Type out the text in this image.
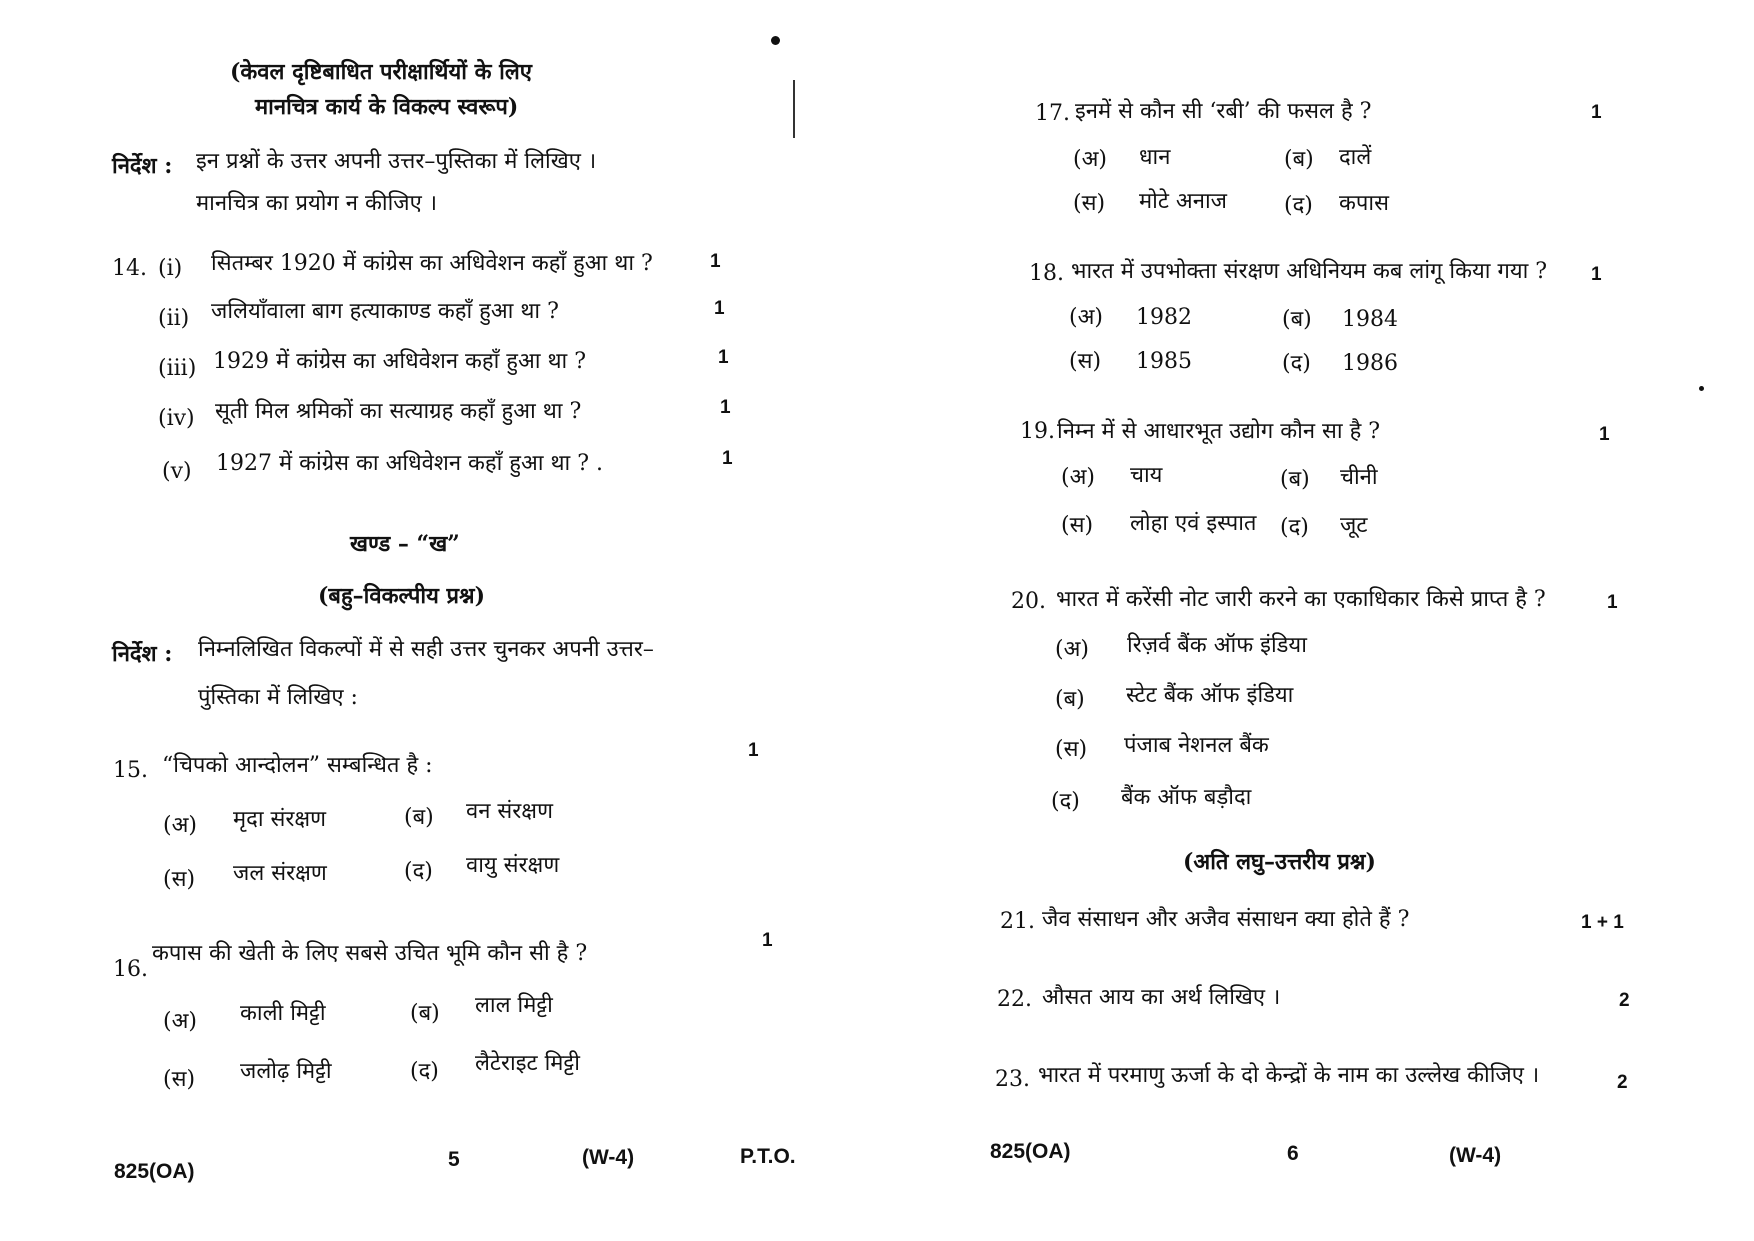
(केवल दृष्टिबाधित परीक्षार्थियों के लिए
मानचित्र कार्य के विकल्प स्वरूप)
निर्देश : इन प्रश्नों के उत्तर अपनी उत्तर–पुस्तिका में लिखिए ।
मानचित्र का प्रयोग न कीजिए ।
14. (i) सितम्बर 1920 में कांग्रेस का अधिवेशन कहाँ हुआ था ?	1
(ii) जलियाँवाला बाग हत्याकाण्ड कहाँ हुआ था ?	1
(iii) 1929 में कांग्रेस का अधिवेशन कहाँ हुआ था ?	1
(iv) सूती मिल श्रमिकों का सत्याग्रह कहाँ हुआ था ?	1
(v) 1927 में कांग्रेस का अधिवेशन कहाँ हुआ था ? .	1
खण्ड – “ख”
(बहु–विकल्पीय प्रश्न)
निर्देश : निम्नलिखित विकल्पों में से सही उत्तर चुनकर अपनी उत्तर–
पुंस्तिका में लिखिए :
15. “चिपको आन्दोलन” सम्बन्धित है :
1
(अ) मृदा संरक्षण	(ब) वन संरक्षण
(स) जल संरक्षण	(द) वायु संरक्षण
16.
कपास की खेती के लिए सबसे उचित भूमि कौन सी है ?
1
(अ) काली मिट्टी	(ब) लाल मिट्टी
(स) जलोढ़ मिट्टी	(द) लैटेराइट मिट्टी
825(OA)
5	(W-4)	P.T.O.
17. इनमें से कौन सी ‘रबी’ की फसल है ?	1
(अ) धान	(ब) दालें
(स) मोटे अनाज	(द) कपास
18. भारत में उपभोक्ता संरक्षण अधिनियम कब लांगू किया गया ? 1
(अ) 1982	(ब) 1984
(स) 1985	(द) 1986
19. निम्न में से आधारभूत उद्योग कौन सा है ?	1
(अ) चाय	(ब) चीनी
(स) लोहा एवं इस्पात (द) जूट
20. भारत में करेंसी नोट जारी करने का एकाधिकार किसे प्राप्त है ?	1
(अ) रिज़र्व बैंक ऑफ इंडिया
(ब) स्टेट बैंक ऑफ इंडिया
(स) पंजाब नेशनल बैंक
(द) बैंक ऑफ बड़ौदा
(अति लघु–उत्तरीय प्रश्न)
21. जैव संसाधन और अजैव संसाधन क्या होते हैं ?	1 + 1
22. औसत आय का अर्थ लिखिए ।	2
23. भारत में परमाणु ऊर्जा के दो केन्द्रों के नाम का उल्लेख कीजिए ।	2
825(OA)	6	(W-4)
